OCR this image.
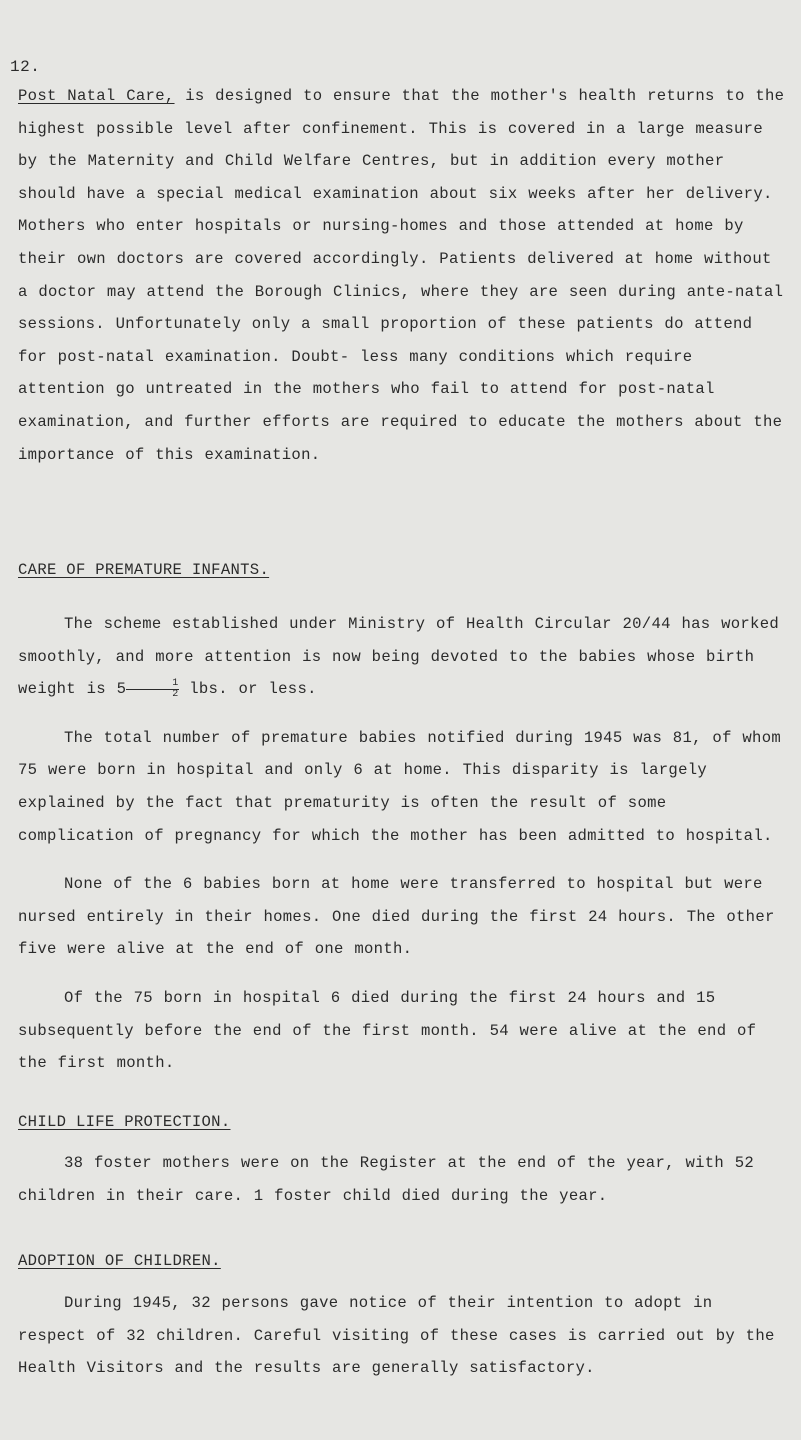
12.

Post Natal Care, is designed to ensure that the mother's health returns to the highest possible level after confinement. This is covered in a large measure by the Maternity and Child Welfare Centres, but in addition every mother should have a special medical examination about six weeks after her delivery. Mothers who enter hospitals or nursing-homes and those attended at home by their own doctors are covered accordingly. Patients delivered at home without a doctor may attend the Borough Clinics, where they are seen during ante-natal sessions. Unfortunately only a small proportion of these patients do attend for post-natal examination. Doubt- less many conditions which require attention go untreated in the mothers who fail to attend for post-natal examination, and further efforts are required to educate the mothers about the importance of this examination.

CARE OF PREMATURE INFANTS.

The scheme established under Ministry of Health Circular 20/44 has worked smoothly, and more attention is now being devoted to the babies whose birth weight is $5 \frac{1}{2}$ lbs. or less.

The total number of premature babies notified during 1945 was 81, of whom 75 were born in hospital and only 6 at home. This disparity is largely explained by the fact that prematurity is often the result of some complication of pregnancy for which the mother has been admitted to hospital.

None of the 6 babies born at home were transferred to hospital but were nursed entirely in their homes. One died during the first 24 hours. The other five were alive at the end of one month.

Of the 75 born in hospital 6 died during the first 24 hours and 15 subsequently before the end of the first month. 54 were alive at the end of the first month.

CHILD LIFE PROTECTION.

38 foster mothers were on the Register at the end of the year, with 52 children in their care. 1 foster child died during the year.

ADOPTION OF CHILDREN.

During 1945, 32 persons gave notice of their intention to adopt in respect of 32 children. Careful visiting of these cases is carried out by the Health Visitors and the results are generally satisfactory.
